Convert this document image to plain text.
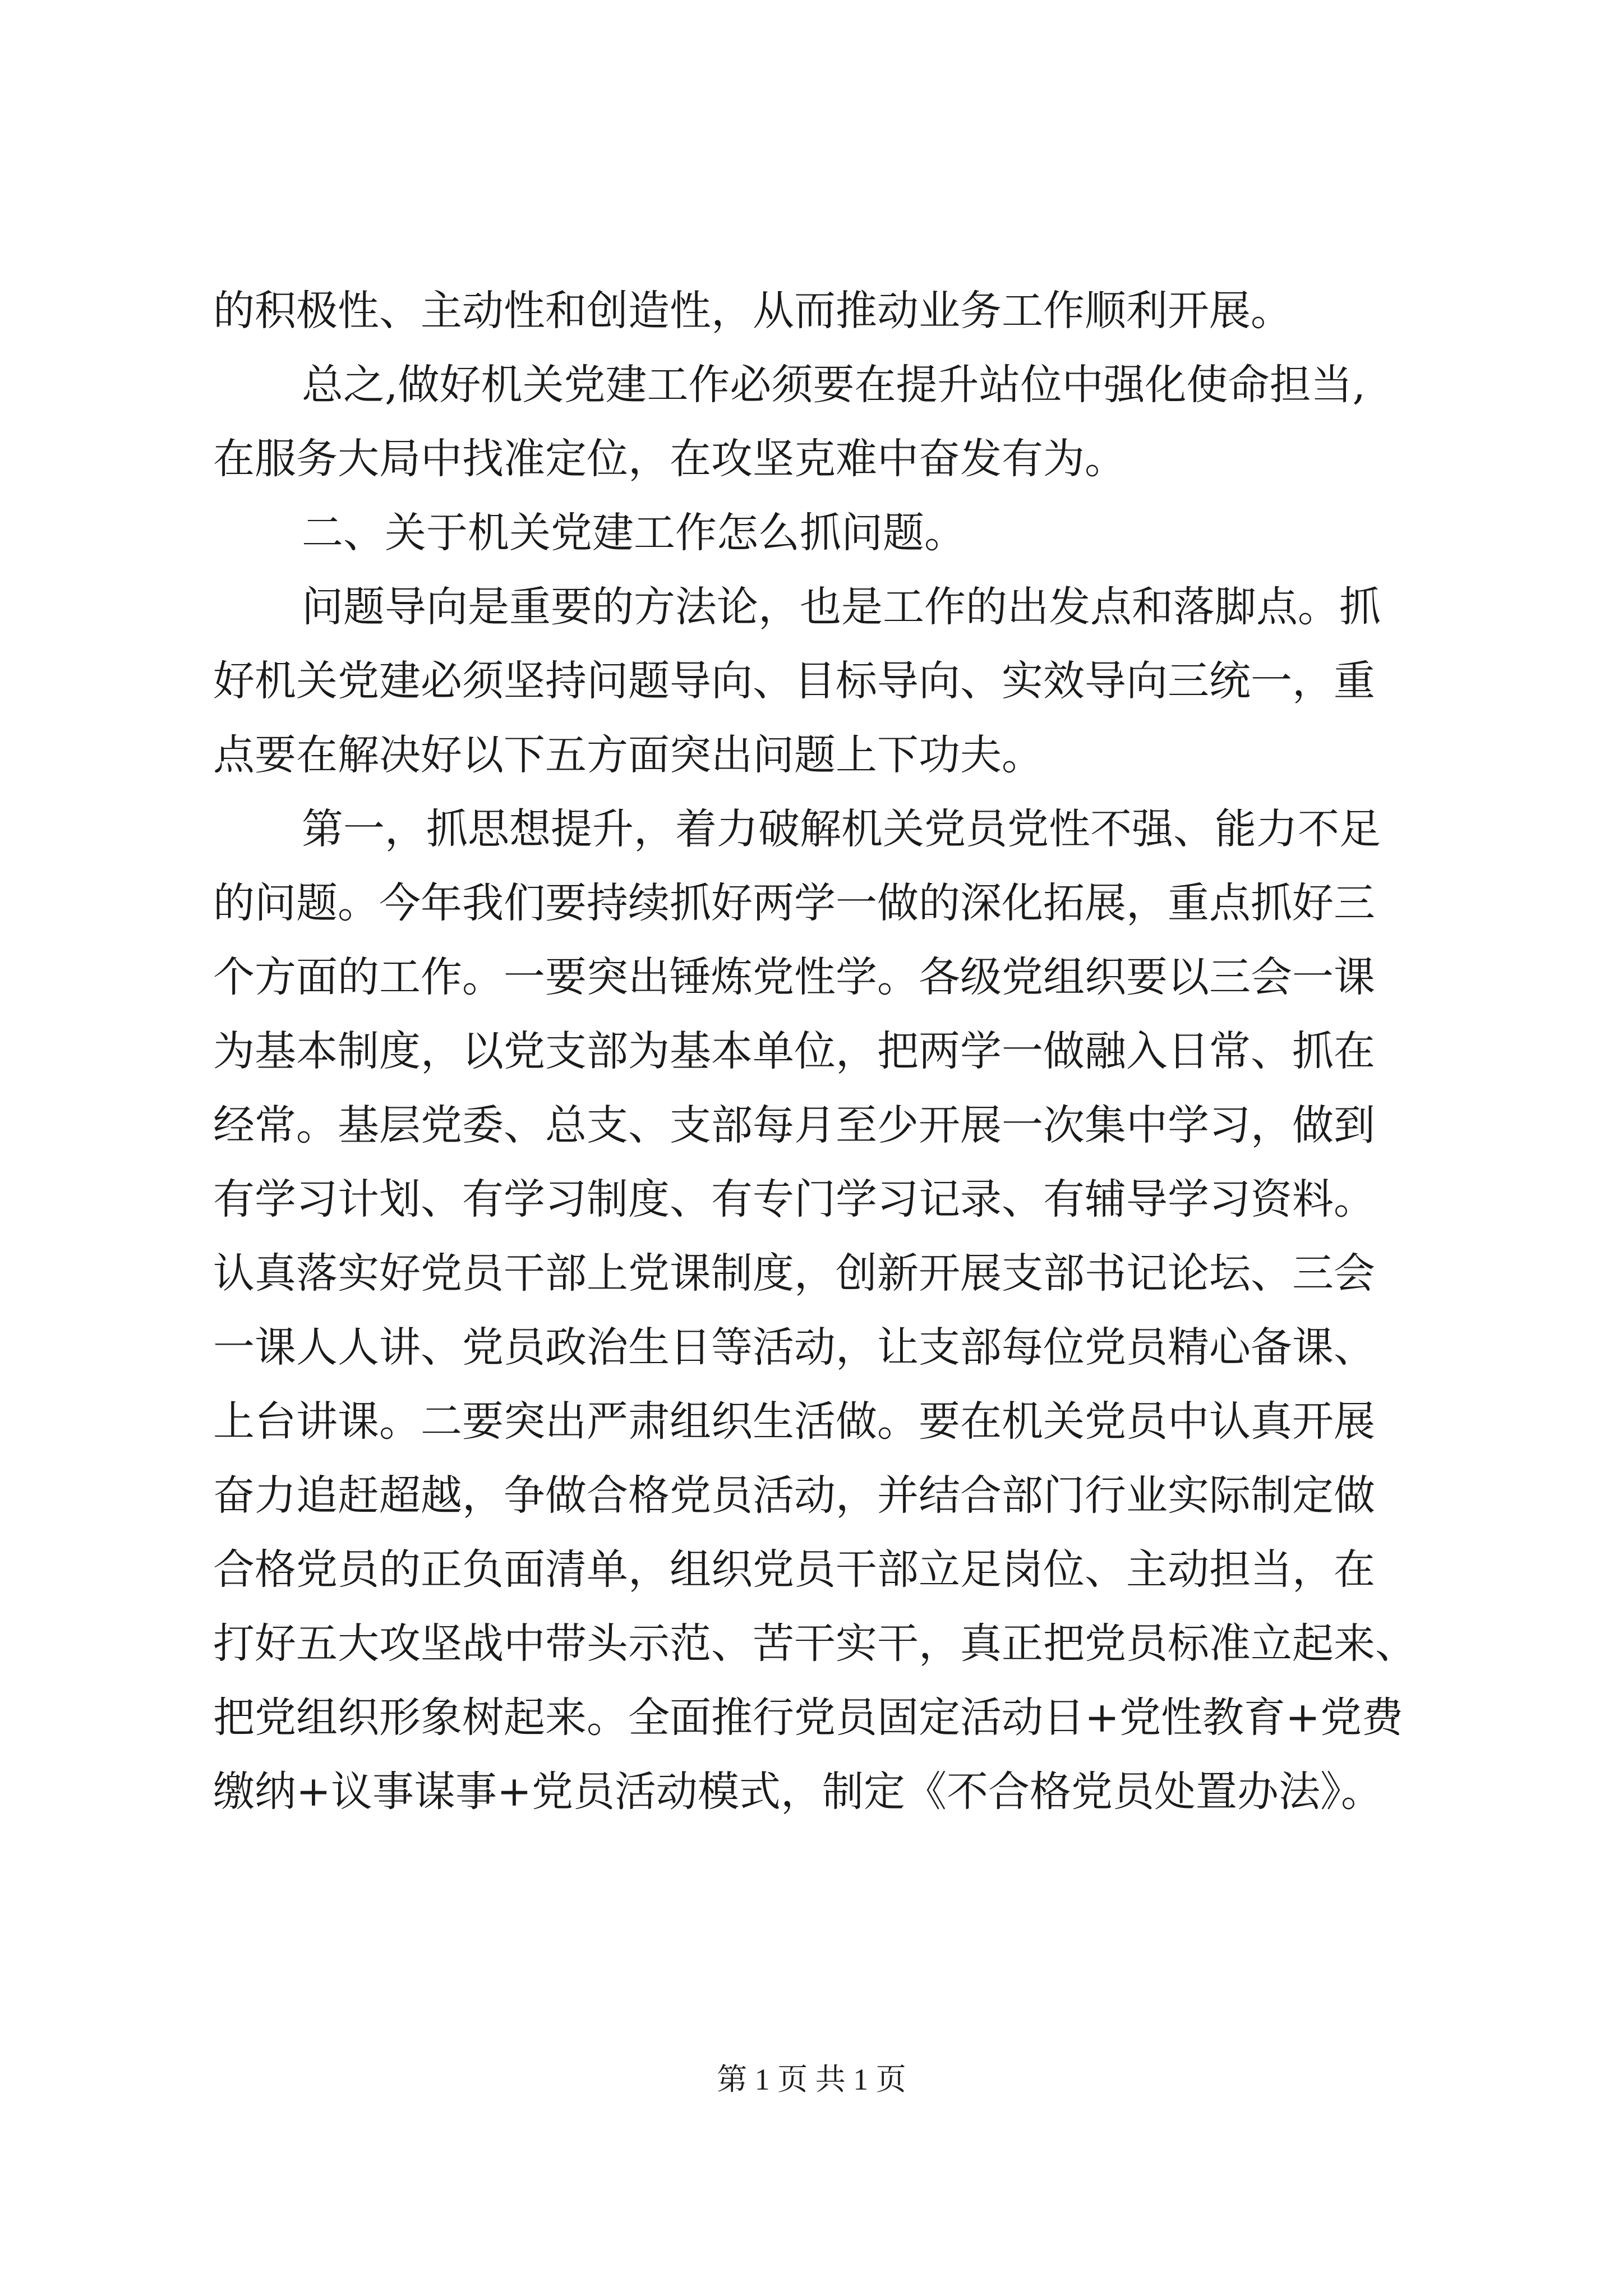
的积极性、主动性和创造性，从而推动业务工作顺利开展。
总之,做好机关党建工作必须要在提升站位中强化使命担当,
在服务大局中找准定位，在攻坚克难中奋发有为。
二、关于机关党建工作怎么抓问题。
问题导向是重要的方法论，也是工作的出发点和落脚点。抓
好机关党建必须坚持问题导向、目标导向、实效导向三统一，重
点要在解决好以下五方面突出问题上下功夫。
第一，抓思想提升，着力破解机关党员党性不强、能力不足
的问题。今年我们要持续抓好两学一做的深化拓展，重点抓好三
个方面的工作。一要突出锤炼党性学。各级党组织要以三会一课
为基本制度，以党支部为基本单位，把两学一做融入日常、抓在
经常。基层党委、总支、支部每月至少开展一次集中学习，做到
有学习计划、有学习制度、有专门学习记录、有辅导学习资料。
认真落实好党员干部上党课制度，创新开展支部书记论坛、三会
一课人人讲、党员政治生日等活动，让支部每位党员精心备课、
上台讲课。二要突出严肃组织生活做。要在机关党员中认真开展
奋力追赶超越，争做合格党员活动，并结合部门行业实际制定做
合格党员的正负面清单，组织党员干部立足岗位、主动担当，在
打好五大攻坚战中带头示范、苦干实干，真正把党员标准立起来、
把党组织形象树起来。全面推行党员固定活动日+党性教育+党费
缴纳+议事谋事+党员活动模式，制定《不合格党员处置办法》。
第 1 页 共 1 页
